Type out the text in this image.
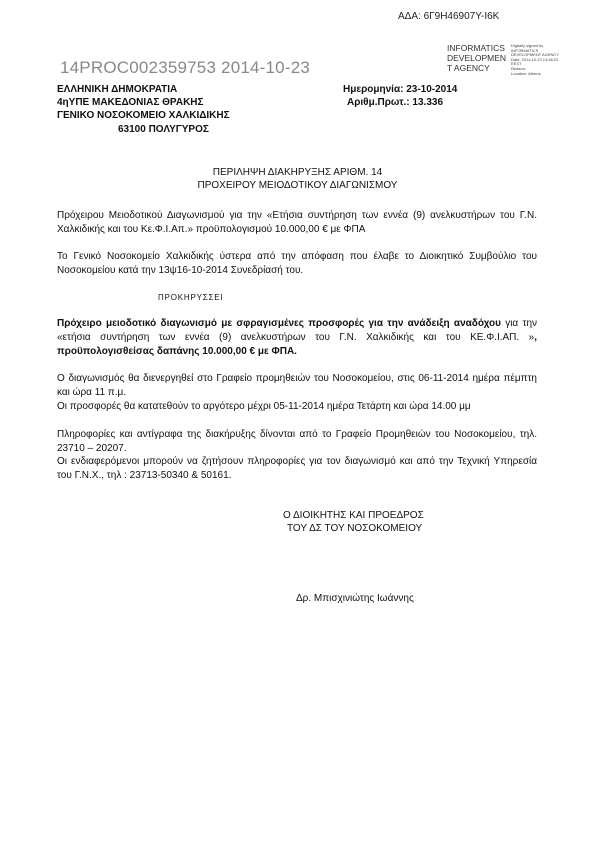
ΑΔΑ: 6Γ9Η46907Υ-Ι6Κ
INFORMATICS DEVELOPMEN T AGENCY
Digitally signed by INFORMATICS
DEVELOPMENT AGENCY
Date: 2014.10.23 13:46:22 EEST
Reason:
Location: Athens
14PROC002359753 2014-10-23
ΕΛΛΗΝΙΚΗ ΔΗΜΟΚΡΑΤΙΑ
4ηΥΠΕ ΜΑΚΕΔΟΝΙΑΣ ΘΡΑΚΗΣ
ΓΕΝΙΚΟ ΝΟΣΟΚΟΜΕΙΟ ΧΑΛΚΙΔΙΚΗΣ
63100 ΠΟΛΥΓΥΡΟΣ
Ημερομηνία: 23-10-2014
Αριθμ.Πρωτ.: 13.336
ΠΕΡΙΛΗΨΗ ΔΙΑΚΗΡΥΞΗΣ ΑΡΙΘΜ. 14
ΠΡΟΧΕΙΡΟΥ ΜΕΙΟΔΟΤΙΚΟΥ ΔΙΑΓΩΝΙΣΜΟΥ
Πρόχειρου Μειοδοτικού Διαγωνισμού για την «Ετήσια συντήρηση των εννέα (9) ανελκυστήρων του Γ.Ν. Χαλκιδικής και του Κε.Φ.Ι.Απ.» προϋπολογισμού 10.000,00 € με ΦΠΑ
Το Γενικό Νοσοκομείο Χαλκιδικής ύστερα από την απόφαση που έλαβε το Διοικητικό Συμβούλιο του Νοσοκομείου κατά την 13ψ16-10-2014 Συνεδρίασή του.
ΠΡΟΚΗΡΥΣΣΕΙ
Πρόχειρο μειοδοτικό διαγωνισμό με σφραγισμένες προσφορές για την ανάδειξη αναδόχου για την «ετήσια συντήρηση των εννέα (9) ανελκυστήρων του Γ.Ν. Χαλκιδικής και του ΚΕ.Φ.Ι.ΑΠ. », προϋπολογισθείσας δαπάνης 10.000,00 € με ΦΠΑ.
Ο διαγωνισμός θα διενεργηθεί στο Γραφείο προμηθειών του Νοσοκομείου, στις 06-11-2014 ημέρα πέμπτη και ώρα 11 π.μ.
Οι προσφορές θα κατατεθούν το αργότερο μέχρι 05-11-2014 ημέρα Τετάρτη και ώρα 14.00 μμ
Πληροφορίες και αντίγραφα της διακήρυξης δίνονται από το Γραφείο Προμηθειών του Νοσοκομείου, τηλ. 23710 – 20207.
Οι ενδιαφερόμενοι μπορούν να ζητήσουν πληροφορίες για τον διαγωνισμό και από την Τεχνική Υπηρεσία του Γ.Ν.Χ., τηλ : 23713-50340 & 50161.
Ο ΔΙΟΙΚΗΤΗΣ ΚΑΙ ΠΡΟΕΔΡΟΣ
ΤΟΥ ΔΣ ΤΟΥ ΝΟΣΟΚΟΜΕΙΟΥ
Δρ. Μπισχινιώτης Ιωάννης
